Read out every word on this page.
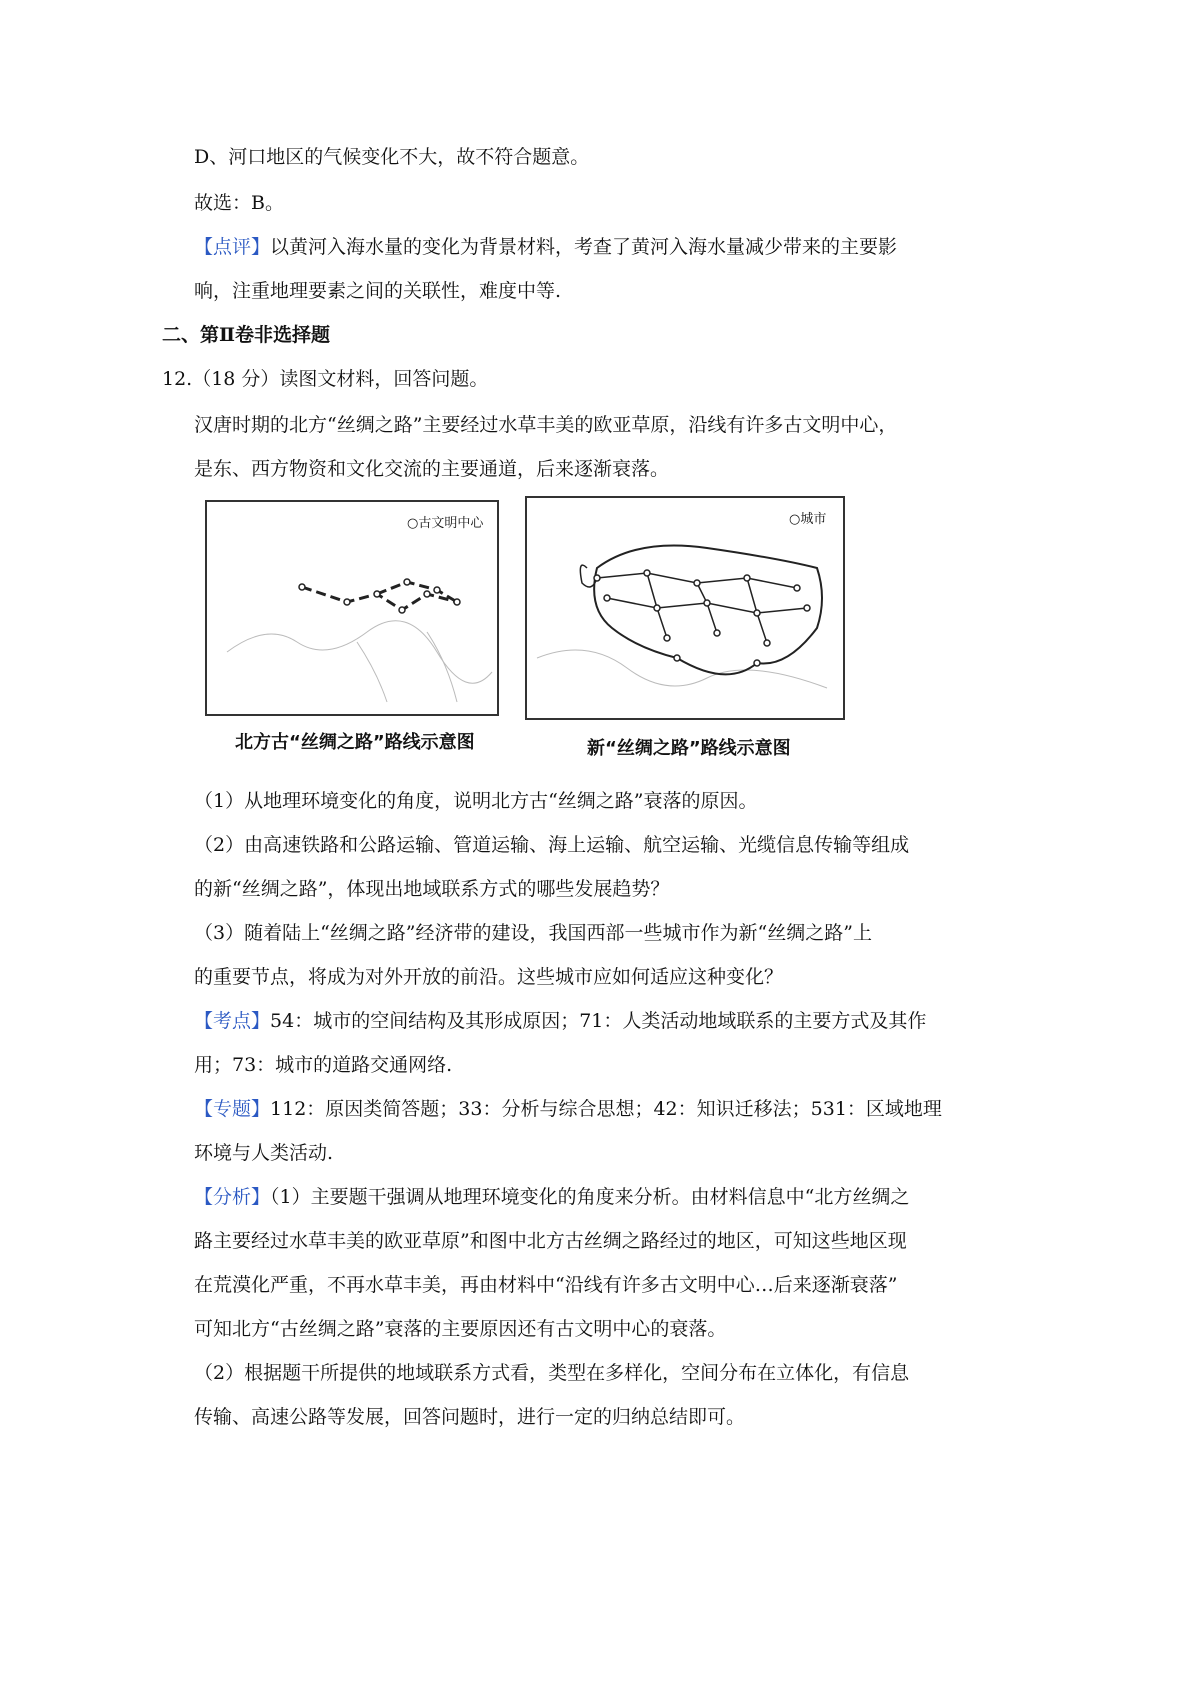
D、河口地区的气候变化不大，故不符合题意。
故选：B。
【点评】以黄河入海水量的变化为背景材料，考查了黄河入海水量减少带来的主要影
响，注重地理要素之间的关联性，难度中等.
二、第Ⅱ卷非选择题
12.（18 分）读图文材料，回答问题。
汉唐时期的北方“丝绸之路”主要经过水草丰美的欧亚草原，沿线有许多古文明中心，
是东、西方物资和文化交流的主要通道，后来逐渐衰落。
○古文明中心
北方古“丝绸之路”路线示意图
○城市
新“丝绸之路”路线示意图
（1）从地理环境变化的角度，说明北方古“丝绸之路”衰落的原因。
（2）由高速铁路和公路运输、管道运输、海上运输、航空运输、光缆信息传输等组成
的新“丝绸之路”，体现出地域联系方式的哪些发展趋势？
（3）随着陆上“丝绸之路”经济带的建设，我国西部一些城市作为新“丝绸之路”上
的重要节点，将成为对外开放的前沿。这些城市应如何适应这种变化？
【考点】54：城市的空间结构及其形成原因；71：人类活动地域联系的主要方式及其作
用；73：城市的道路交通网络.
【专题】112：原因类简答题；33：分析与综合思想；42：知识迁移法；531：区域地理
环境与人类活动.
【分析】（1）主要题干强调从地理环境变化的角度来分析。由材料信息中“北方丝绸之
路主要经过水草丰美的欧亚草原”和图中北方古丝绸之路经过的地区，可知这些地区现
在荒漠化严重，不再水草丰美，再由材料中“沿线有许多古文明中心…后来逐渐衰落”
可知北方“古丝绸之路”衰落的主要原因还有古文明中心的衰落。
（2）根据题干所提供的地域联系方式看，类型在多样化，空间分布在立体化，有信息
传输、高速公路等发展，回答问题时，进行一定的归纳总结即可。
